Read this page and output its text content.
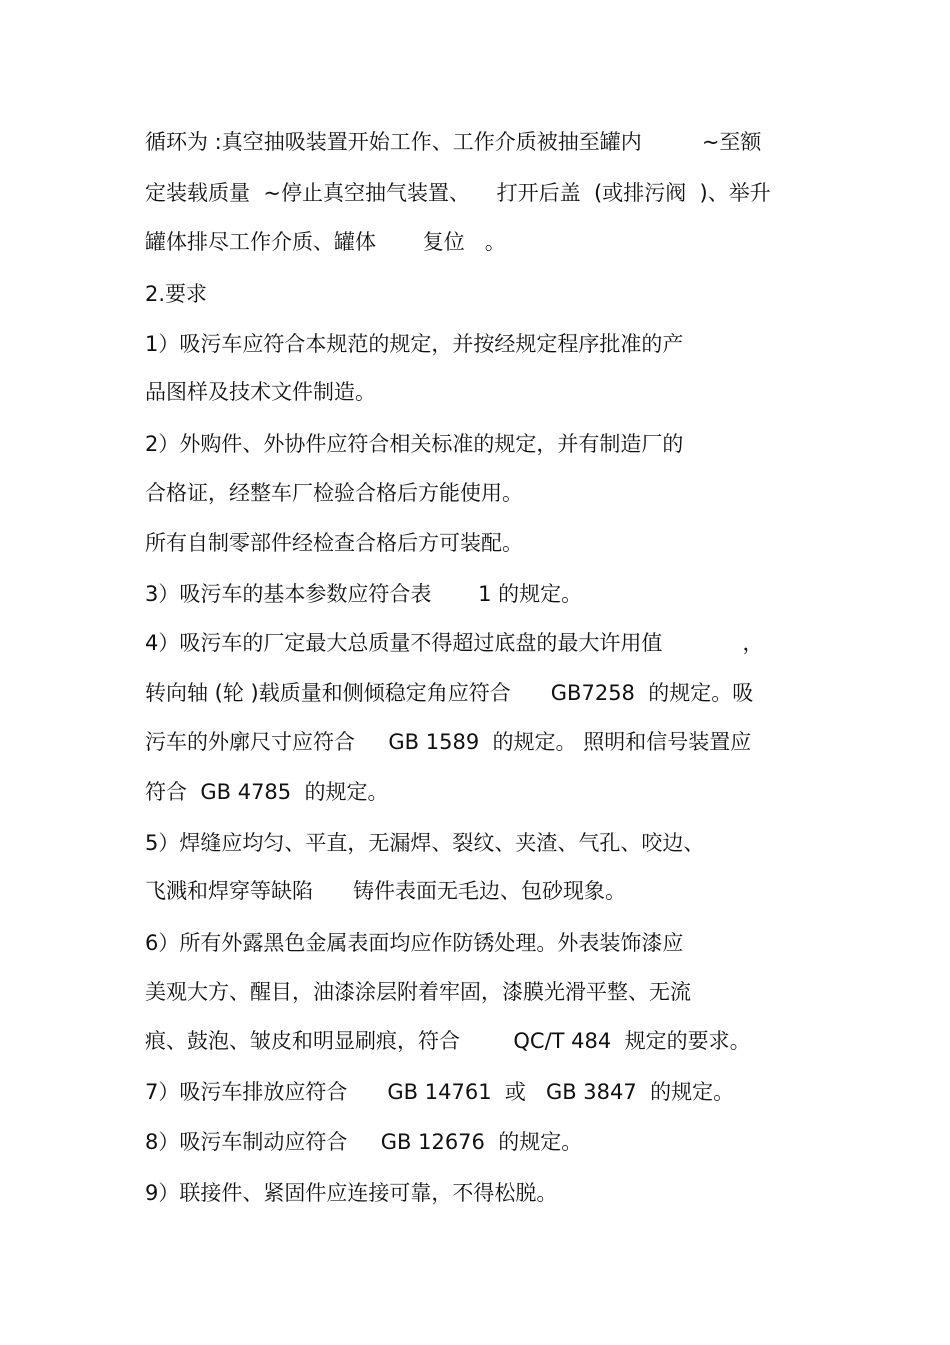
循环为 :真空抽吸装置开始工作、工作介质被抽至罐内         ~至额
定装载质量  ~停止真空抽气装置、    打开后盖  (或排污阀  )、举升
罐体排尽工作介质、罐体       复位   。
2.要求
1）吸污车应符合本规范的规定，并按经规定程序批准的产
品图样及技术文件制造。
2）外购件、外协件应符合相关标准的规定，并有制造厂的
合格证，经整车厂检验合格后方能使用。
所有自制零部件经检查合格后方可装配。
3）吸污车的基本参数应符合表       1 的规定。
4）吸污车的厂定最大总质量不得超过底盘的最大许用值            ，
转向轴 (轮 )载质量和侧倾稳定角应符合      GB7258  的规定。吸
污车的外廓尺寸应符合     GB 1589  的规定。 照明和信号装置应
符合  GB 4785  的规定。
5）焊缝应均匀、平直，无漏焊、裂纹、夹渣、气孔、咬边、
飞溅和焊穿等缺陷      铸件表面无毛边、包砂现象。
6）所有外露黑色金属表面均应作防锈处理。外表装饰漆应
美观大方、醒目，油漆涂层附着牢固，漆膜光滑平整、无流
痕、鼓泡、皱皮和明显刷痕，符合        QC/T 484  规定的要求。
7）吸污车排放应符合      GB 14761  或   GB 3847  的规定。
8）吸污车制动应符合     GB 12676  的规定。
9）联接件、紧固件应连接可靠，不得松脱。
